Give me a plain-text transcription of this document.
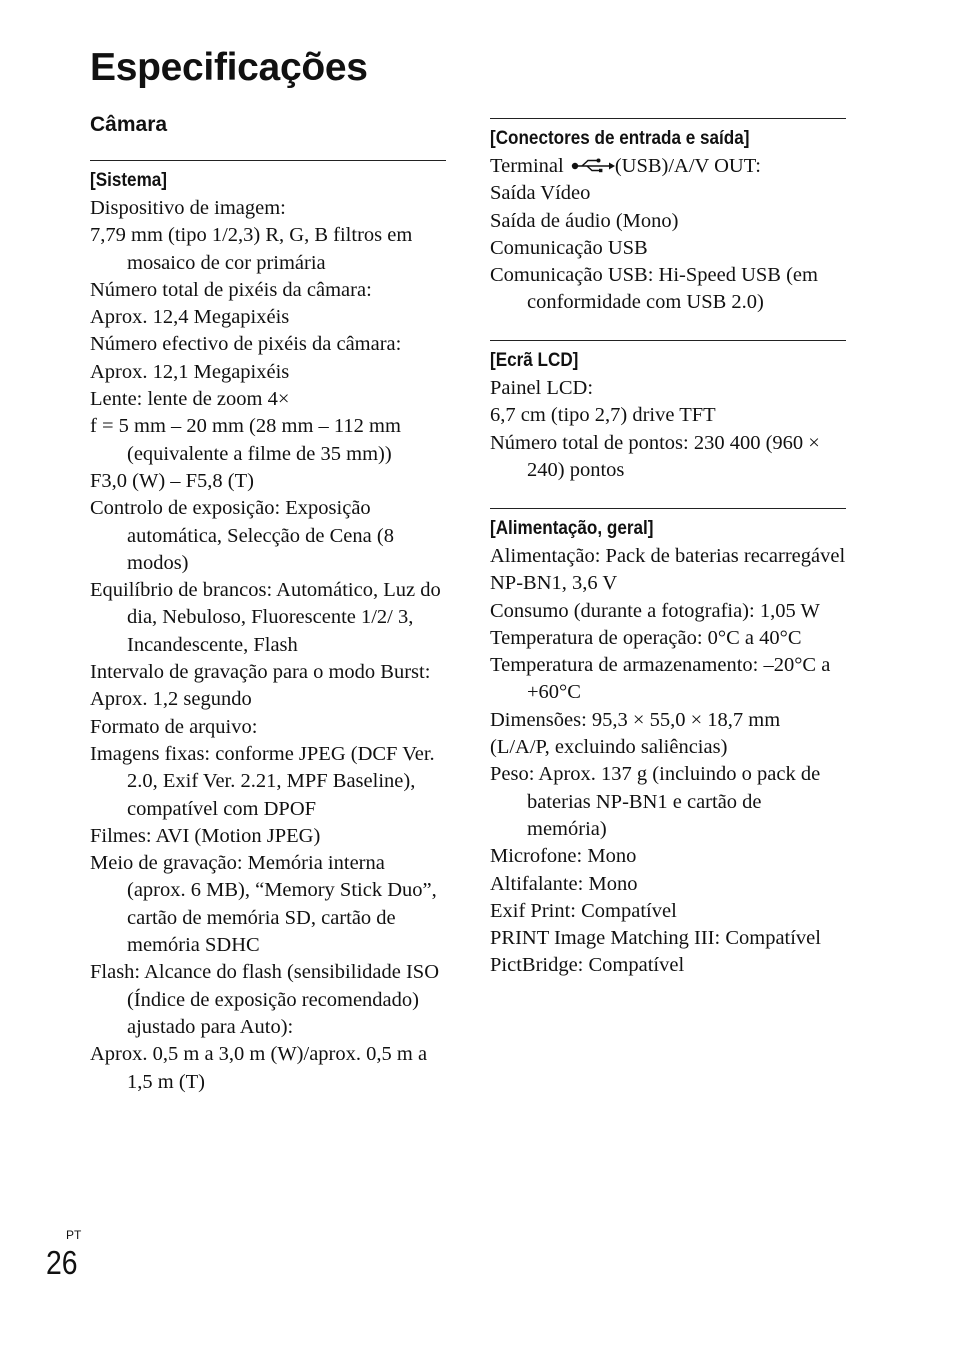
Especificações
Câmara
[Sistema]
Dispositivo de imagem:
7,79 mm (tipo 1/2,3) R, G, B filtros em mosaico de cor primária
Número total de pixéis da câmara:
Aprox. 12,4 Megapixéis
Número efectivo de pixéis da câmara:
Aprox. 12,1 Megapixéis
Lente: lente de zoom 4×
f = 5 mm – 20 mm (28 mm – 112 mm (equivalente a filme de 35 mm))
F3,0 (W) – F5,8 (T)
Controlo de exposição: Exposição automática, Selecção de Cena (8 modos)
Equilíbrio de brancos: Automático, Luz do dia, Nebuloso, Fluorescente 1/2/ 3, Incandescente, Flash
Intervalo de gravação para o modo Burst:
Aprox. 1,2 segundo
Formato de arquivo:
Imagens fixas: conforme JPEG (DCF Ver. 2.0, Exif Ver. 2.21, MPF Baseline), compatível com DPOF
Filmes: AVI (Motion JPEG)
Meio de gravação: Memória interna (aprox. 6 MB), “Memory Stick Duo”, cartão de memória SD, cartão de memória SDHC
Flash: Alcance do flash (sensibilidade ISO (Índice de exposição recomendado) ajustado para Auto):
Aprox. 0,5 m a 3,0 m (W)/aprox. 0,5 m a 1,5 m (T)
[Conectores de entrada e saída]
Terminal (USB)/A/V OUT:
Saída Vídeo
Saída de áudio (Mono)
Comunicação USB
Comunicação USB: Hi-Speed USB (em conformidade com USB 2.0)
[Ecrã LCD]
Painel LCD:
6,7 cm (tipo 2,7) drive TFT
Número total de pontos: 230 400 (960 × 240) pontos
[Alimentação, geral]
Alimentação: Pack de baterias recarregável
NP-BN1, 3,6 V
Consumo (durante a fotografia): 1,05 W
Temperatura de operação: 0°C a 40°C
Temperatura de armazenamento: –20°C a +60°C
Dimensões: 95,3 × 55,0 × 18,7 mm
(L/A/P, excluindo saliências)
Peso: Aprox. 137 g (incluindo o pack de baterias NP-BN1 e cartão de memória)
Microfone: Mono
Altifalante: Mono
Exif Print: Compatível
PRINT Image Matching III: Compatível
PictBridge: Compatível
PT
26
